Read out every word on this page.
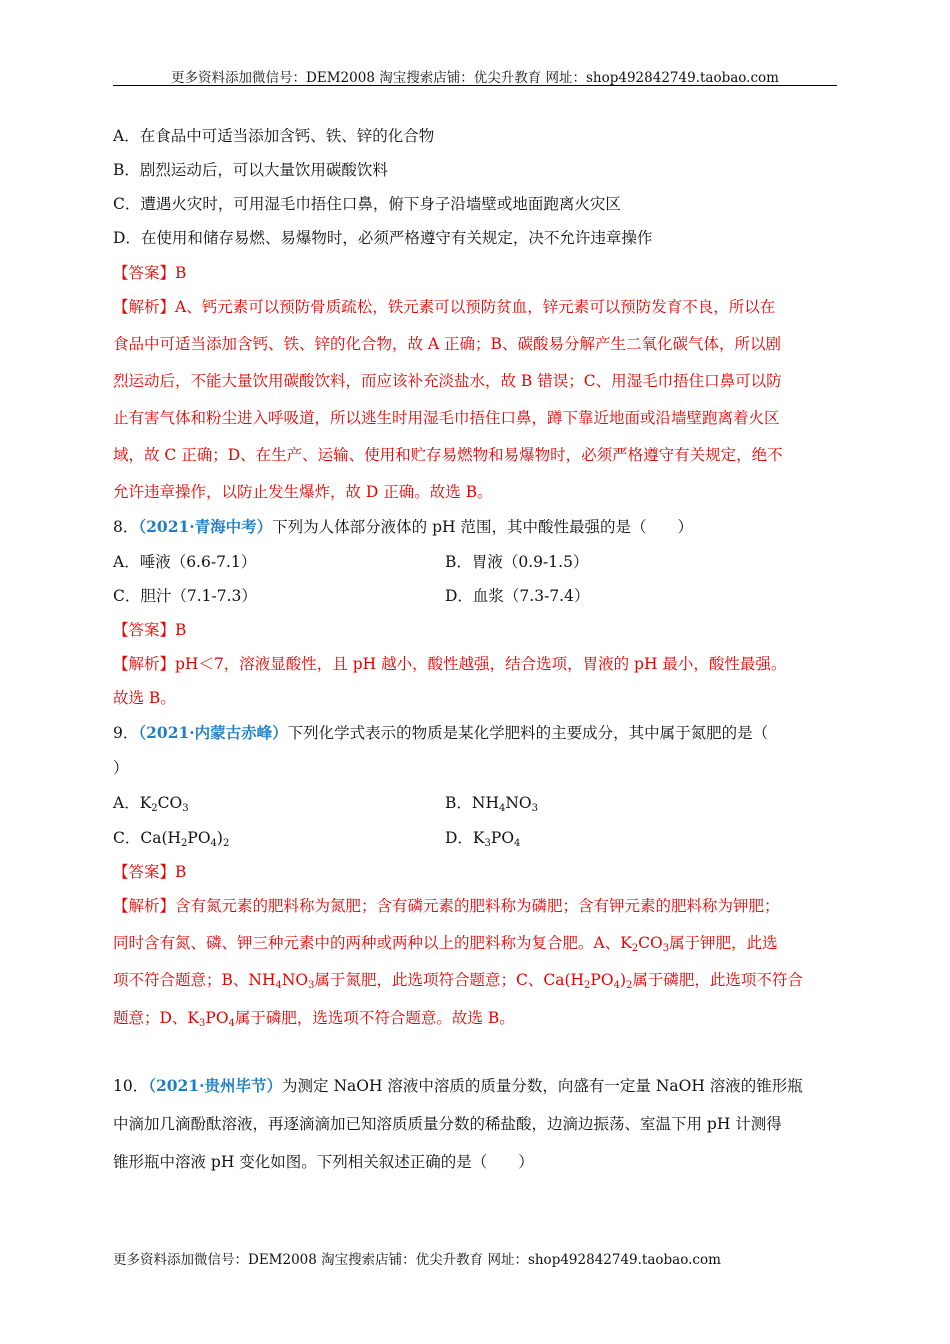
更多资料添加微信号：DEM2008 淘宝搜索店铺：优尖升教育 网址：shop492842749.taobao.com
A．在食品中可适当添加含钙、铁、锌的化合物
B．剧烈运动后，可以大量饮用碳酸饮料
C．遭遇火灾时，可用湿毛巾捂住口鼻，俯下身子沿墙壁或地面跑离火灾区
D．在使用和储存易燃、易爆物时，必须严格遵守有关规定，决不允许违章操作
【答案】B
【解析】A、钙元素可以预防骨质疏松，铁元素可以预防贫血，锌元素可以预防发育不良，所以在
食品中可适当添加含钙、铁、锌的化合物，故 A 正确；B、碳酸易分解产生二氧化碳气体，所以剧
烈运动后，不能大量饮用碳酸饮料，而应该补充淡盐水，故 B 错误；C、用湿毛巾捂住口鼻可以防
止有害气体和粉尘进入呼吸道，所以逃生时用湿毛巾捂住口鼻，蹲下靠近地面或沿墙壁跑离着火区
域，故 C 正确；D、在生产、运输、使用和贮存易燃物和易爆物时，必须严格遵守有关规定，绝不
允许违章操作，以防止发生爆炸，故 D 正确。故选 B。
8．（2021·青海中考）下列为人体部分液体的 pH 范围，其中酸性最强的是（　　）
A．唾液（6.6-7.1）	B．胃液（0.9-1.5）
C．胆汁（7.1-7.3）	D．血浆（7.3-7.4）
【答案】B
【解析】pH＜7，溶液显酸性，且 pH 越小，酸性越强，结合选项，胃液的 pH 最小，酸性最强。
故选 B。
9．（2021·内蒙古赤峰）下列化学式表示的物质是某化学肥料的主要成分，其中属于氮肥的是（
）
A．$K_2CO_3$	B．$NH_4NO_3$
C．$Ca(H_2PO_4)_2$	D．$K_3PO_4$
【答案】B
【解析】含有氮元素的肥料称为氮肥；含有磷元素的肥料称为磷肥；含有钾元素的肥料称为钾肥；
同时含有氮、磷、钾三种元素中的两种或两种以上的肥料称为复合肥。A、$K_2CO_3$属于钾肥，此选
项不符合题意；B、$NH_4NO_3$属于氮肥，此选项符合题意；C、$Ca(H_2PO_4)_2$属于磷肥，此选项不符合
题意；D、$K_3PO_4$属于磷肥，选选项不符合题意。故选 B。
10．（2021·贵州毕节）为测定 NaOH 溶液中溶质的质量分数，向盛有一定量 NaOH 溶液的锥形瓶
中滴加几滴酚酞溶液，再逐滴滴加已知溶质质量分数的稀盐酸，边滴边振荡、室温下用 pH 计测得
锥形瓶中溶液 pH 变化如图。下列相关叙述正确的是（　　）
更多资料添加微信号：DEM2008 淘宝搜索店铺：优尖升教育 网址：shop492842749.taobao.com
